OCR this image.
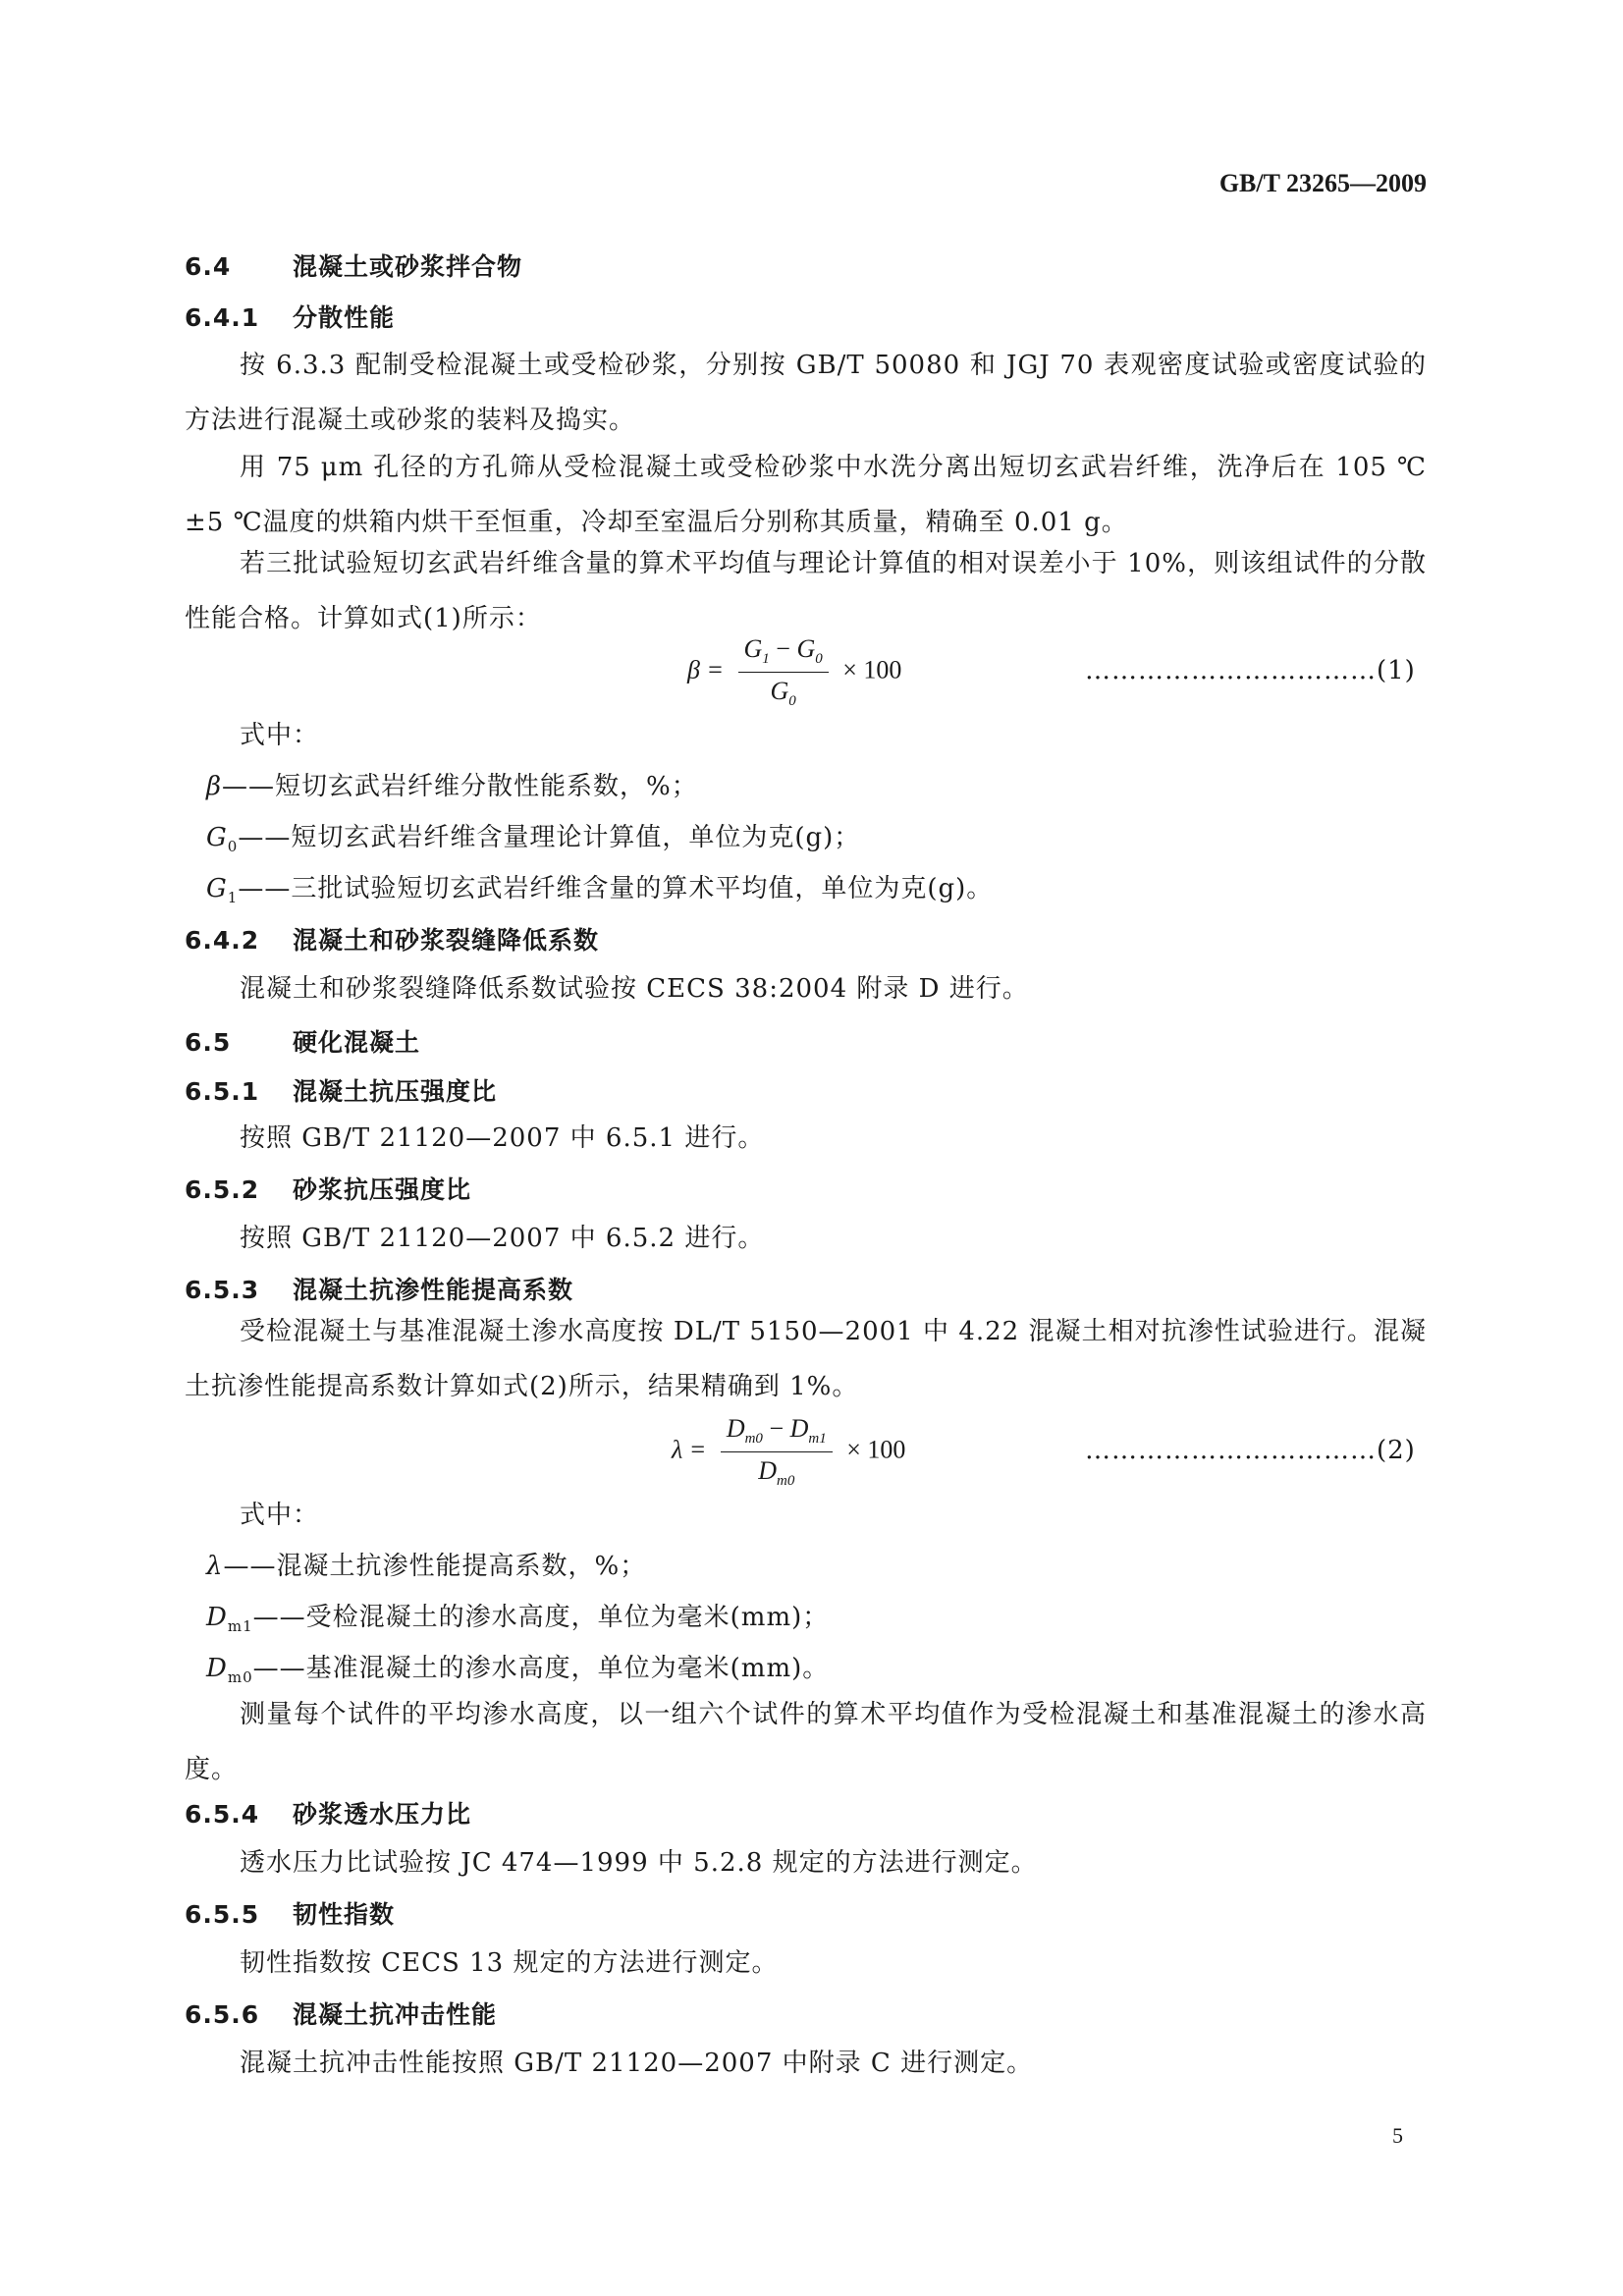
GB/T 23265—2009
6.4	混凝土或砂浆拌合物
6.4.1 分散性能
按 6.3.3 配制受检混凝土或受检砂浆，分别按 GB/T 50080 和 JGJ 70 表观密度试验或密度试验的方法进行混凝土或砂浆的装料及捣实。
用 75 μm 孔径的方孔筛从受检混凝土或受检砂浆中水洗分离出短切玄武岩纤维，洗净后在 105 ℃±5 ℃温度的烘箱内烘干至恒重，冷却至室温后分别称其质量，精确至 0.01 g。
若三批试验短切玄武岩纤维含量的算术平均值与理论计算值的相对误差小于 10%，则该组试件的分散性能合格。计算如式(1)所示：
$\beta = \frac{G_1 - G_0}{G_0} \times 100$	……………………………(1)
式中：
β——短切玄武岩纤维分散性能系数，%；
$G_0——$短切玄武岩纤维含量理论计算值，单位为克(g)；
$G_1——$三批试验短切玄武岩纤维含量的算术平均值，单位为克(g)。
6.4.2 混凝土和砂浆裂缝降低系数
混凝土和砂浆裂缝降低系数试验按 CECS 38:2004 附录 D 进行。
6.5	硬化混凝土
6.5.1 混凝土抗压强度比
按照 GB/T 21120—2007 中 6.5.1 进行。
6.5.2 砂浆抗压强度比
按照 GB/T 21120—2007 中 6.5.2 进行。
6.5.3 混凝土抗渗性能提高系数
受检混凝土与基准混凝土渗水高度按 DL/T 5150—2001 中 4.22 混凝土相对抗渗性试验进行。混凝土抗渗性能提高系数计算如式(2)所示，结果精确到 1%。
$\lambda = \frac{D_{m0} - D_{m1}}{D_{m0}} \times 100$	……………………………(2)
式中：
λ——混凝土抗渗性能提高系数，%；
$D_{m1}——$受检混凝土的渗水高度，单位为毫米(mm)；
$D_{m0}——$基准混凝土的渗水高度，单位为毫米(mm)。
测量每个试件的平均渗水高度，以一组六个试件的算术平均值作为受检混凝土和基准混凝土的渗水高度。
6.5.4 砂浆透水压力比
透水压力比试验按 JC 474—1999 中 5.2.8 规定的方法进行测定。
6.5.5 韧性指数
韧性指数按 CECS 13 规定的方法进行测定。
6.5.6 混凝土抗冲击性能
混凝土抗冲击性能按照 GB/T 21120—2007 中附录 C 进行测定。
5
